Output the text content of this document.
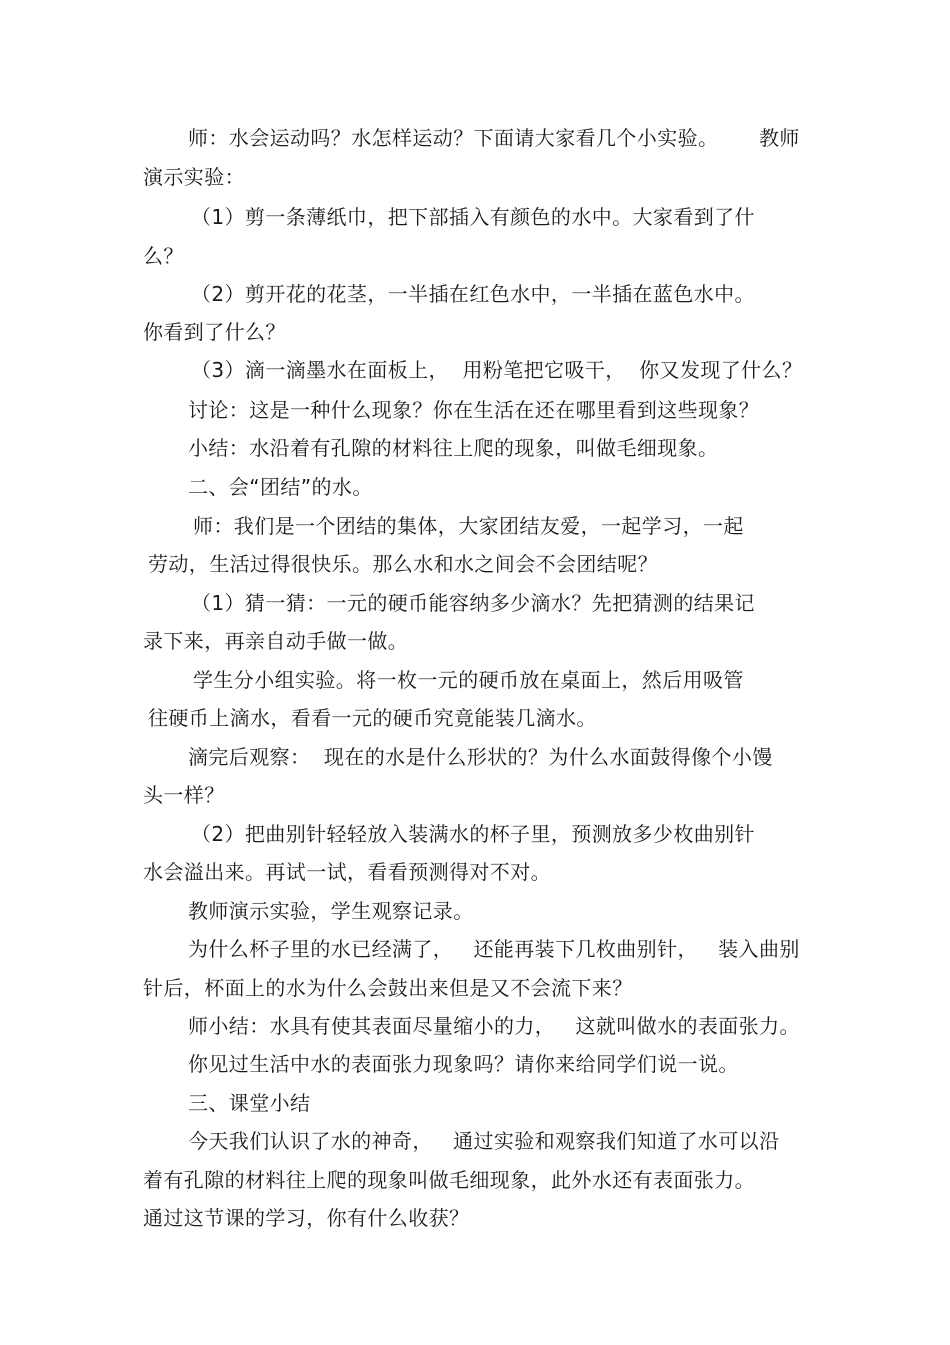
师：水会运动吗？水怎样运动？下面请大家看几个小实验。      教师
演示实验：
（1）剪一条薄纸巾，把下部插入有颜色的水中。大家看到了什
么？
（2）剪开花的花茎，一半插在红色水中，一半插在蓝色水中。
你看到了什么？
（3）滴一滴墨水在面板上，  用粉笔把它吸干，  你又发现了什么？
讨论：这是一种什么现象？你在生活在还在哪里看到这些现象？
小结：水沿着有孔隙的材料往上爬的现象，叫做毛细现象。
二、会“团结”的水。
师：我们是一个团结的集体，大家团结友爱，一起学习，一起
劳动，生活过得很快乐。那么水和水之间会不会团结呢？
（1）猜一猜：一元的硬币能容纳多少滴水？先把猜测的结果记
录下来，再亲自动手做一做。
学生分小组实验。将一枚一元的硬币放在桌面上，然后用吸管
往硬币上滴水，看看一元的硬币究竟能装几滴水。
滴完后观察：  现在的水是什么形状的？为什么水面鼓得像个小馒
头一样？
（2）把曲别针轻轻放入装满水的杯子里，预测放多少枚曲别针
水会溢出来。再试一试，看看预测得对不对。
教师演示实验，学生观察记录。
为什么杯子里的水已经满了，   还能再装下几枚曲别针，   装入曲别
针后，杯面上的水为什么会鼓出来但是又不会流下来？
师小结：水具有使其表面尽量缩小的力，   这就叫做水的表面张力。
你见过生活中水的表面张力现象吗？请你来给同学们说一说。
三、课堂小结
今天我们认识了水的神奇，   通过实验和观察我们知道了水可以沿
着有孔隙的材料往上爬的现象叫做毛细现象，此外水还有表面张力。
通过这节课的学习，你有什么收获？
